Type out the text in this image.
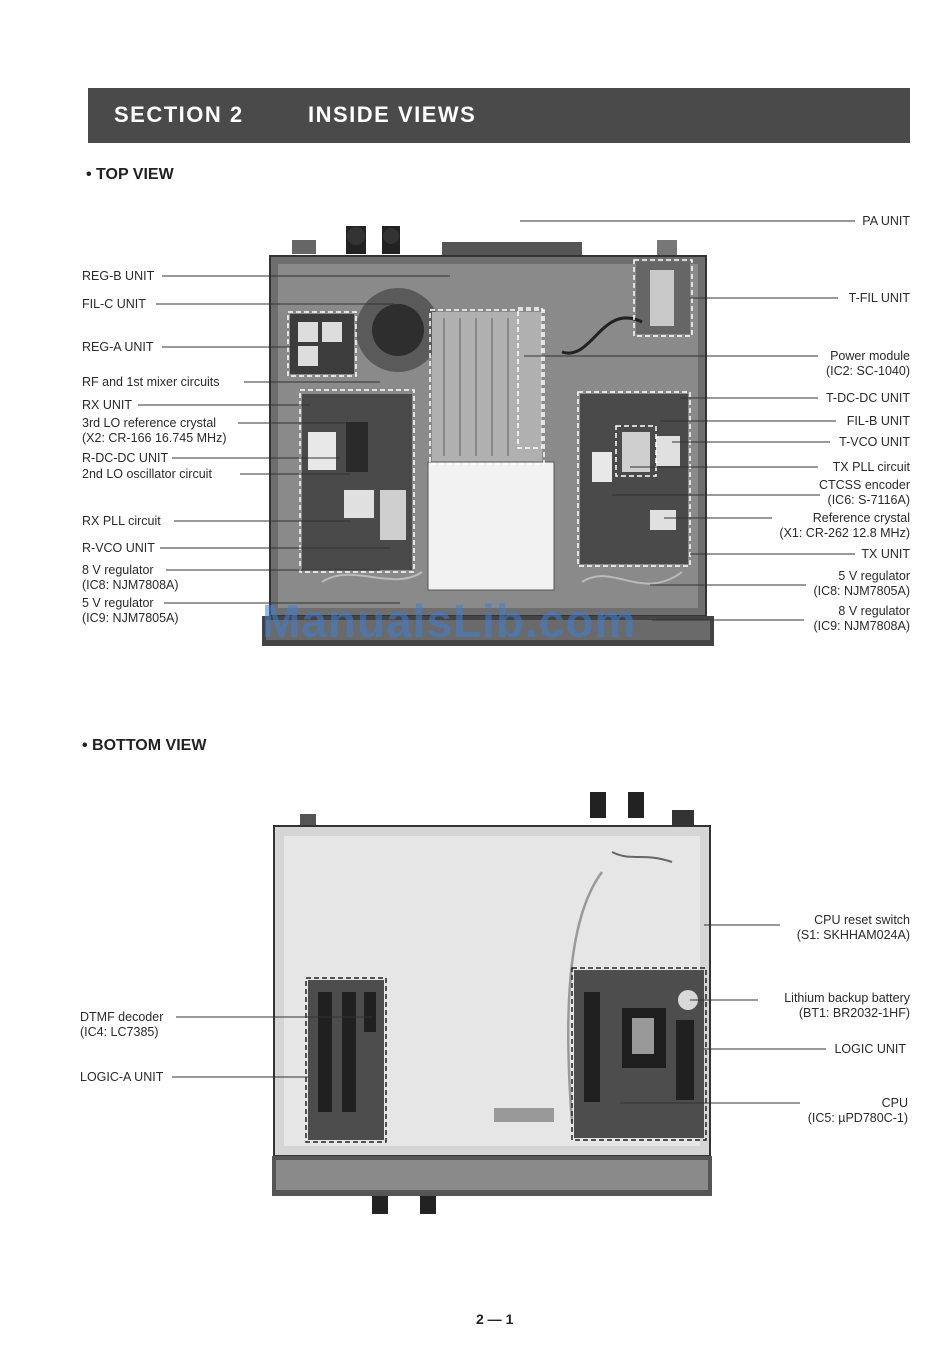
SECTION 2	INSIDE VIEWS
• TOP VIEW
• BOTTOM VIEW
REG-B UNIT
FIL-C UNIT
REG-A UNIT
RF and 1st mixer circuits
RX UNIT
3rd LO reference crystal
(X2: CR-166 16.745 MHz)
R-DC-DC UNIT
2nd LO oscillator circuit
RX PLL circuit
R-VCO UNIT
8 V regulator
(IC8: NJM7808A)
5 V regulator
(IC9: NJM7805A)
PA UNIT
T-FIL UNIT
Power module
(IC2: SC-1040)
T-DC-DC UNIT
FIL-B UNIT
T-VCO UNIT
TX PLL circuit
CTCSS encoder
(IC6: S-7116A)
Reference crystal
(X1: CR-262 12.8 MHz)
TX UNIT
5 V regulator
(IC8: NJM7805A)
8 V regulator
(IC9: NJM7808A)
DTMF decoder
(IC4: LC7385)
LOGIC-A UNIT
CPU reset switch
(S1: SKHHAM024A)
Lithium backup battery
(BT1: BR2032-1HF)
LOGIC UNIT
CPU
(IC5: µPD780C-1)
ManualsLib.com
2 — 1
